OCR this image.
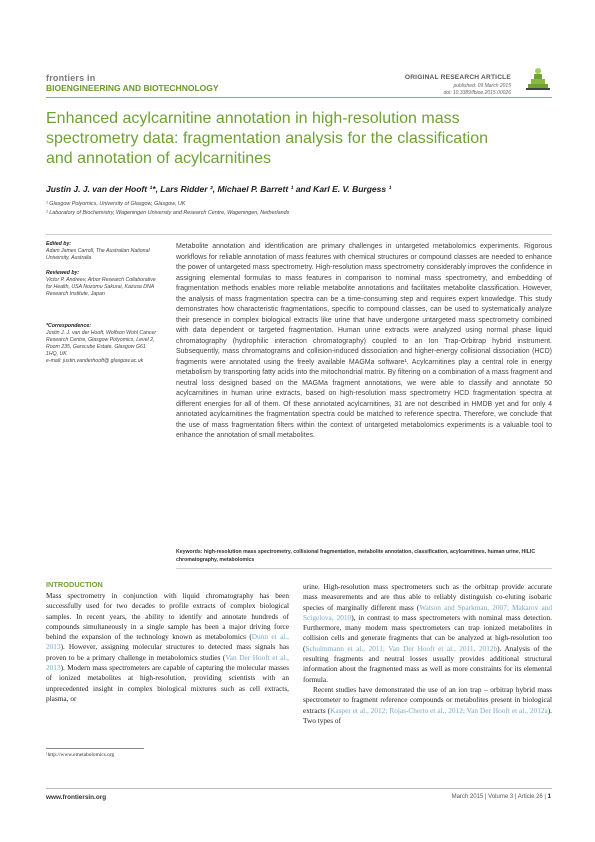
frontiers in
BIOENGINEERING AND BIOTECHNOLOGY
ORIGINAL RESEARCH ARTICLE
published: 09 March 2015
doi: 10.3389/fbioe.2015.00026
Enhanced acylcarnitine annotation in high-resolution mass spectrometry data: fragmentation analysis for the classification and annotation of acylcarnitines
Justin J. J. van der Hooft ¹*, Lars Ridder ², Michael P. Barrett ¹ and Karl E. V. Burgess ¹
¹ Glasgow Polyomics, University of Glasgow, Glasgow, UK
² Laboratory of Biochemistry, Wageningen University and Research Centre, Wageningen, Netherlands
Edited by:
Adam James Carroll, The Australian National University, Australia
Reviewed by:
Victor P. Andreev, Arbor Research Collaborative for Health, USA Nozomu Sakurai, Kazusa DNA Research Institute, Japan
*Correspondence:
Justin J. J. van der Hooft, Wolfson Wohl Cancer Research Centre, Glasgow Polyomics, Level 2, Room 235, Garscube Estate, Glasgow G61 1HQ, UK
e-mail: justin.vanderhooft@ glasgow.ac.uk
Metabolite annotation and identification are primary challenges in untargeted metabolomics experiments. Rigorous workflows for reliable annotation of mass features with chemical structures or compound classes are needed to enhance the power of untargeted mass spectrometry. High-resolution mass spectrometry considerably improves the confidence in assigning elemental formulas to mass features in comparison to nominal mass spectrometry, and embedding of fragmentation methods enables more reliable metabolite annotations and facilitates metabolite classification. However, the analysis of mass fragmentation spectra can be a time-consuming step and requires expert knowledge. This study demonstrates how characteristic fragmentations, specific to compound classes, can be used to systematically analyze their presence in complex biological extracts like urine that have undergone untargeted mass spectrometry combined with data dependent or targeted fragmentation. Human urine extracts were analyzed using normal phase liquid chromatography (hydrophilic interaction chromatography) coupled to an Ion Trap-Orbitrap hybrid instrument. Subsequently, mass chromatograms and collision-induced dissociation and higher-energy collisional dissociation (HCD) fragments were annotated using the freely available MAGMa software¹. Acylcarnitines play a central role in energy metabolism by transporting fatty acids into the mitochondrial matrix. By filtering on a combination of a mass fragment and neutral loss designed based on the MAGMa fragment annotations, we were able to classify and annotate 50 acylcarnitines in human urine extracts, based on high-resolution mass spectrometry HCD fragmentation spectra at different energies for all of them. Of these annotated acylcarnitines, 31 are not described in HMDB yet and for only 4 annotated acylcarnitines the fragmentation spectra could be matched to reference spectra. Therefore, we conclude that the use of mass fragmentation filters within the context of untargeted metabolomics experiments is a valuable tool to enhance the annotation of small metabolites.
Keywords: high-resolution mass spectrometry, collisional fragmentation, metabolite annotation, classification, acylcarnitines, human urine, HILIC chromatography, metabolomics
INTRODUCTION

Mass spectrometry in conjunction with liquid chromatography has been successfully used for two decades to profile extracts of complex biological samples. In recent years, the ability to identify and annotate hundreds of compounds simultaneously in a single sample has been a major driving force behind the expansion of the technology known as metabolomics (Dunn et al., 2013). However, assigning molecular structures to detected mass signals has proven to be a primary challenge in metabolomics studies (Van Der Hooft et al., 2013). Modern mass spectrometers are capable of capturing the molecular masses of ionized metabolites at high-resolution, providing scientists with an unprecedented insight in complex biological mixtures such as cell extracts, plasma, or

urine. High-resolution mass spectrometers such as the orbitrap provide accurate mass measurements and are thus able to reliably distinguish co-eluting isobaric species of marginally different mass (Watson and Sparkman, 2007; Makarov and Scigelova, 2010), in contrast to mass spectrometers with nominal mass detection. Furthermore, many modern mass spectrometers can trap ionized metabolites in collision cells and generate fragments that can be analyzed at high-resolution too (Schulmmann et al., 2011; Van Der Hooft et al., 2011, 2012b). Analysis of the resulting fragments and neutral losses usually provides additional structural information about the fragmented mass as well as more constraints for its elemental formula.

Recent studies have demonstrated the use of an ion trap – orbitrap hybrid mass spectrometer to fragment reference compounds or metabolites present in biological extracts (Kasper et al., 2012; Rojas-Cherto et al., 2012; Van Der Hooft et al., 2012a). Two types of

¹http://www.emetabolomics.org
www.frontiersin.org	March 2015 | Volume 3 | Article 26 | 1
